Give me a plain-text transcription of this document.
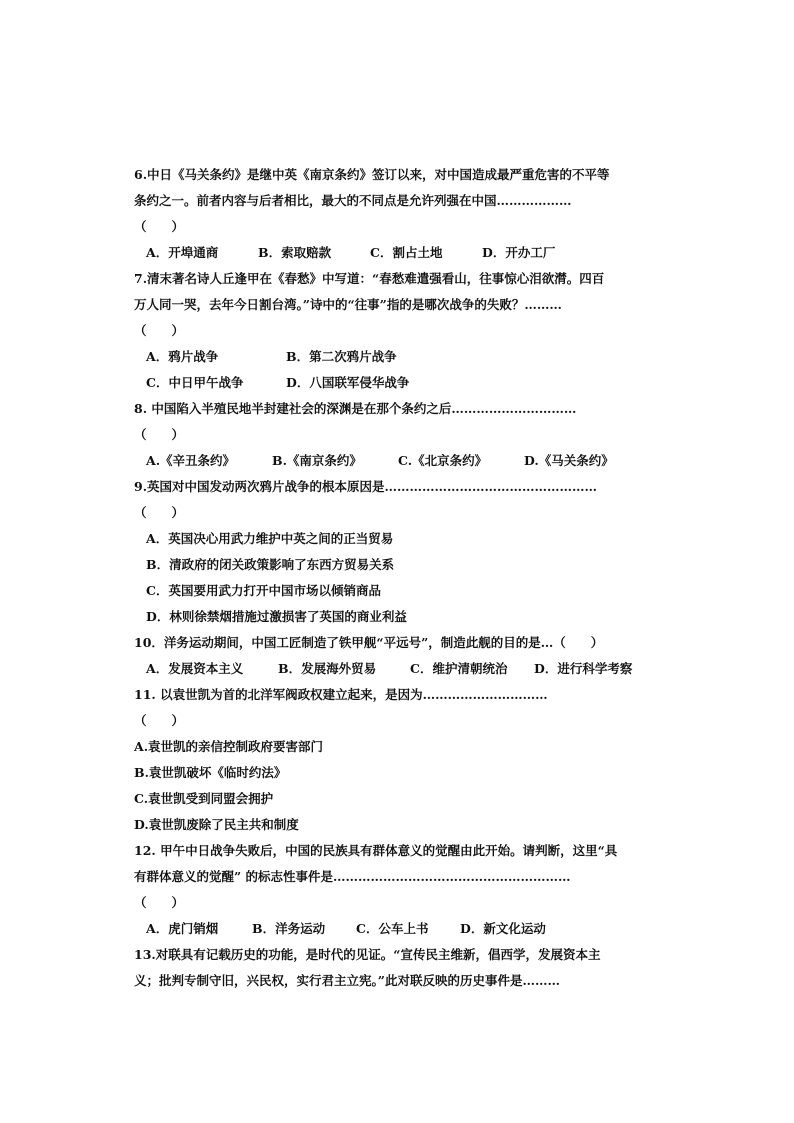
6.中日《马关条约》是继中英《南京条约》签订以来，对中国造成最严重危害的不平等
条约之一。前者内容与后者相比，最大的不同点是允许列强在中国………………
（　　）
A．开埠通商	B．索取赔款	C．割占土地	D．开办工厂
7.清末著名诗人丘逢甲在《春愁》中写道：“春愁难遣强看山，往事惊心泪欲潸。四百
万人同一哭，去年今日割台湾。”诗中的“往事”指的是哪次战争的失败？………
（　　）
A．鸦片战争	B．第二次鸦片战争
C．中日甲午战争	D．八国联军侵华战争
8. 中国陷入半殖民地半封建社会的深渊是在那个条约之后…………………………
（　　）
A.《辛丑条约》	B.《南京条约》	C.《北京条约》	D.《马关条约》
9.英国对中国发动两次鸦片战争的根本原因是……………………………………………
（　　）
A．英国决心用武力维护中英之间的正当贸易
B．清政府的闭关政策影响了东西方贸易关系
C．英国要用武力打开中国市场以倾销商品
D．林则徐禁烟措施过激损害了英国的商业利益
10．洋务运动期间，中国工匠制造了铁甲舰“平远号”，制造此舰的目的是…（　　）
A．发展资本主义	B．发展海外贸易	C．维护清朝统治	D．进行科学考察
11. 以袁世凯为首的北洋军阀政权建立起来，是因为…………………………
（　　）
A.袁世凯的亲信控制政府要害部门
B.袁世凯破坏《临时约法》
C.袁世凯受到同盟会拥护
D.袁世凯废除了民主共和制度
12. 甲午中日战争失败后，中国的民族具有群体意义的觉醒由此开始。请判断，这里“具
有群体意义的觉醒” 的标志性事件是…………………………………………………
（　　）
A．虎门销烟	B．洋务运动	C．公车上书	D．新文化运动
13.对联具有记载历史的功能，是时代的见证。“宣传民主维新，倡西学，发展资本主
义；批判专制守旧，兴民权，实行君主立宪。”此对联反映的历史事件是………
